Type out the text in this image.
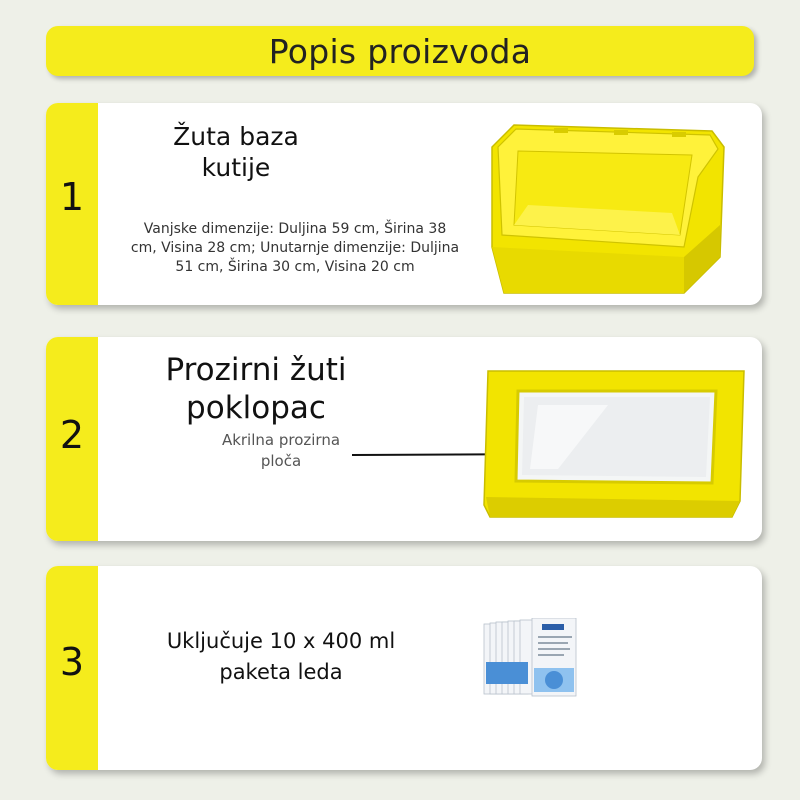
Popis proizvoda
1
Žuta baza
kutije
Vanjske dimenzije: Duljina 59 cm, Širina 38 cm, Visina 28 cm; Unutarnje dimenzije: Duljina 51 cm, Širina 30 cm, Visina 20 cm
2
Prozirni žuti
poklopac
Akrilna prozirna
ploča
3	Uključuje 10 x 400 ml
paketa leda
